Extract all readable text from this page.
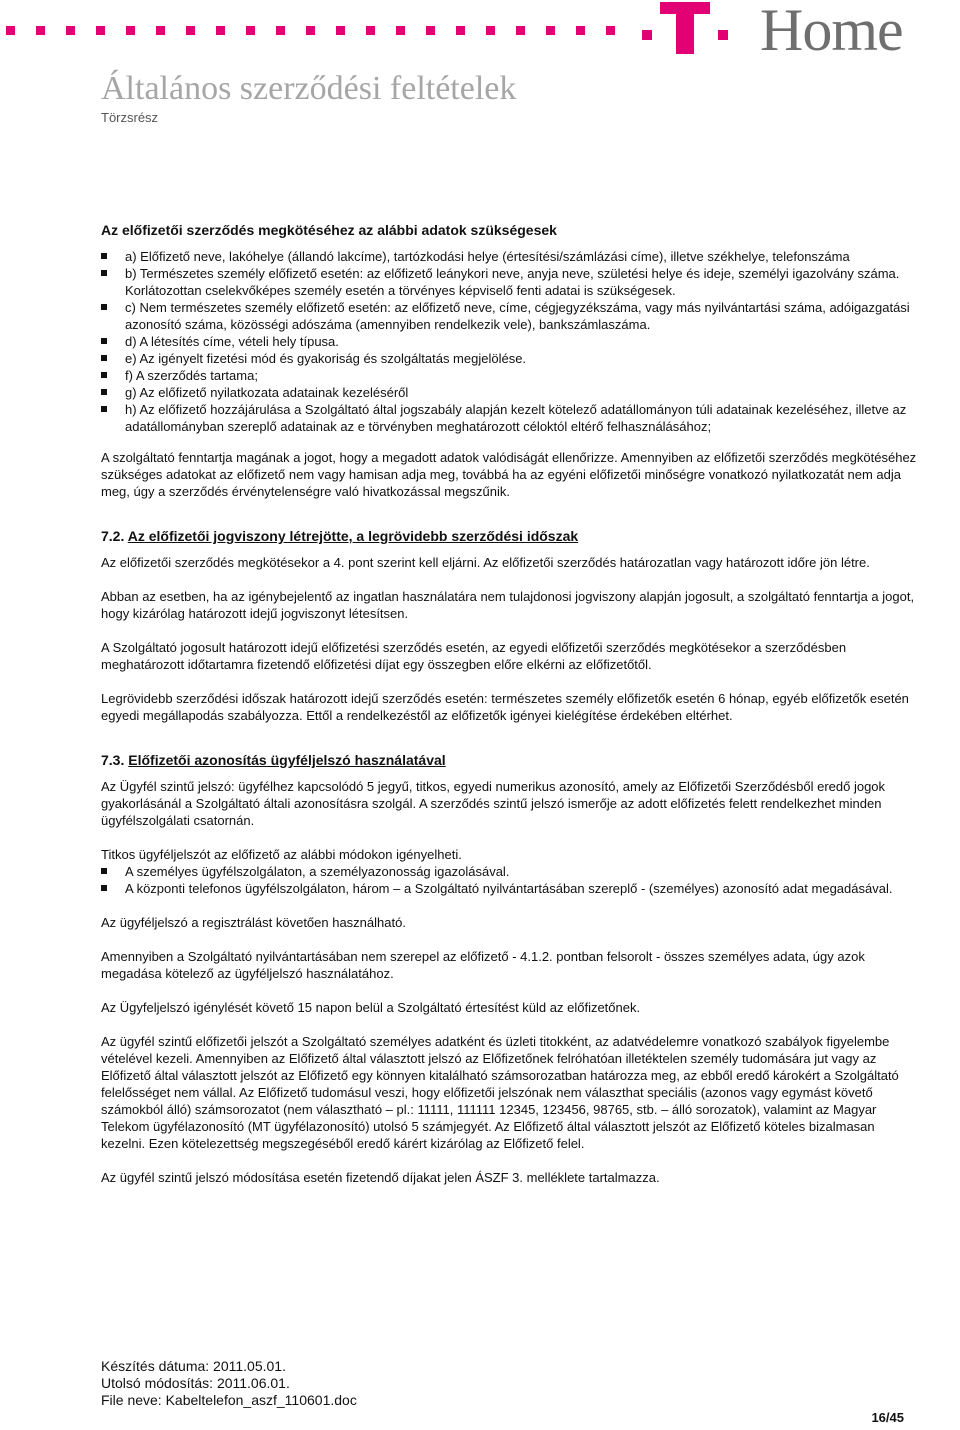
Home
Általános szerződési feltételek
Törzsrész
Az előfizetői szerződés megkötéséhez az alábbi adatok szükségesek
a) Előfizető neve, lakóhelye (állandó lakcíme), tartózkodási helye (értesítési/számlázási címe), illetve székhelye, telefonszáma
b) Természetes személy előfizető esetén: az előfizető leánykori neve, anyja neve, születési helye és ideje, személyi igazolvány száma. Korlátozottan cselekvőképes személy esetén a törvényes képviselő fenti adatai is szükségesek.
c) Nem természetes személy előfizető esetén: az előfizető neve, címe, cégjegyzékszáma, vagy más nyilvántartási száma, adóigazgatási azonosító száma, közösségi adószáma (amennyiben rendelkezik vele), bankszámlaszáma.
d) A létesítés címe, vételi hely típusa.
e) Az igényelt fizetési mód és gyakoriság és szolgáltatás megjelölése.
f) A szerződés tartama;
g) Az előfizető nyilatkozata adatainak kezeléséről
h) Az előfizető hozzájárulása a Szolgáltató által jogszabály alapján kezelt kötelező adatállományon túli adatainak kezeléséhez, illetve az adatállományban szereplő adatainak az e törvényben meghatározott céloktól eltérő felhasználásához;

A szolgáltató fenntartja magának a jogot, hogy a megadott adatok valódiságát ellenőrizze. Amennyiben az előfizetői szerződés megkötéséhez szükséges adatokat az előfizető nem vagy hamisan adja meg, továbbá ha az egyéni előfizetői minőségre vonatkozó nyilatkozatát nem adja meg, úgy a szerződés érvénytelenségre való hivatkozással megszűnik.

7.2. Az előfizetői jogviszony létrejötte, a legrövidebb szerződési időszak

Az előfizetői szerződés megkötésekor a 4. pont szerint kell eljárni. Az előfizetői szerződés határozatlan vagy határozott időre jön létre.

Abban az esetben, ha az igénybejelentő az ingatlan használatára nem tulajdonosi jogviszony alapján jogosult, a szolgáltató fenntartja a jogot, hogy kizárólag határozott idejű jogviszonyt létesítsen.

A Szolgáltató jogosult határozott idejű előfizetési szerződés esetén, az egyedi előfizetői szerződés megkötésekor a szerződésben meghatározott időtartamra fizetendő előfizetési díjat egy összegben előre elkérni az előfizetőtől.

Legrövidebb szerződési időszak határozott idejű szerződés esetén: természetes személy előfizetők esetén 6 hónap, egyéb előfizetők esetén egyedi megállapodás szabályozza. Ettől a rendelkezéstől az előfizetők igényei kielégítése érdekében eltérhet.

7.3. Előfizetői azonosítás ügyféljelszó használatával

Az Ügyfél szintű jelszó: ügyfélhez kapcsolódó 5 jegyű, titkos, egyedi numerikus azonosító, amely az Előfizetői Szerződésből eredő jogok gyakorlásánál a Szolgáltató általi azonosításra szolgál. A szerződés szintű jelszó ismerője az adott előfizetés felett rendelkezhet minden ügyfélszolgálati csatornán.

Titkos ügyféljelszót az előfizető az alábbi módokon igényelheti.
A személyes ügyfélszolgálaton, a személyazonosság igazolásával.
A központi telefonos ügyfélszolgálaton, három – a Szolgáltató nyilvántartásában szereplő - (személyes) azonosító adat megadásával.

Az ügyféljelszó a regisztrálást követően használható.

Amennyiben a Szolgáltató nyilvántartásában nem szerepel az előfizető - 4.1.2. pontban felsorolt - összes személyes adata, úgy azok megadása kötelező az ügyféljelszó használatához.

Az Ügyfeljelszó igénylését követő 15 napon belül a Szolgáltató értesítést küld az előfizetőnek.

Az ügyfél szintű előfizetői jelszót a Szolgáltató személyes adatként és üzleti titokként, az adatvédelemre vonatkozó szabályok figyelembe vételével kezeli. Amennyiben az Előfizető által választott jelszó az Előfizetőnek felróhatóan illetéktelen személy tudomására jut vagy az Előfizető által választott jelszót az Előfizető egy könnyen kitalálható számsorozatban határozza meg, az ebből eredő károkért a Szolgáltató felelősséget nem vállal. Az Előfizető tudomásul veszi, hogy előfizetői jelszónak nem választhat speciális (azonos vagy egymást követő számokból álló) számsorozatot (nem választható – pl.: 11111, 111111 12345, 123456, 98765, stb. – álló sorozatok), valamint az Magyar Telekom ügyfélazonosító (MT ügyfélazonosító) utolsó 5 számjegyét. Az Előfizető által választott jelszót az Előfizető köteles bizalmasan kezelni. Ezen kötelezettség megszegéséből eredő kárért kizárólag az Előfizető felel.

Az ügyfél szintű jelszó módosítása esetén fizetendő díjakat jelen ÁSZF 3. melléklete tartalmazza.

Készítés dátuma: 2011.05.01.
Utolsó módosítás: 2011.06.01.
File neve: Kabeltelefon_aszf_110601.doc
16/45
